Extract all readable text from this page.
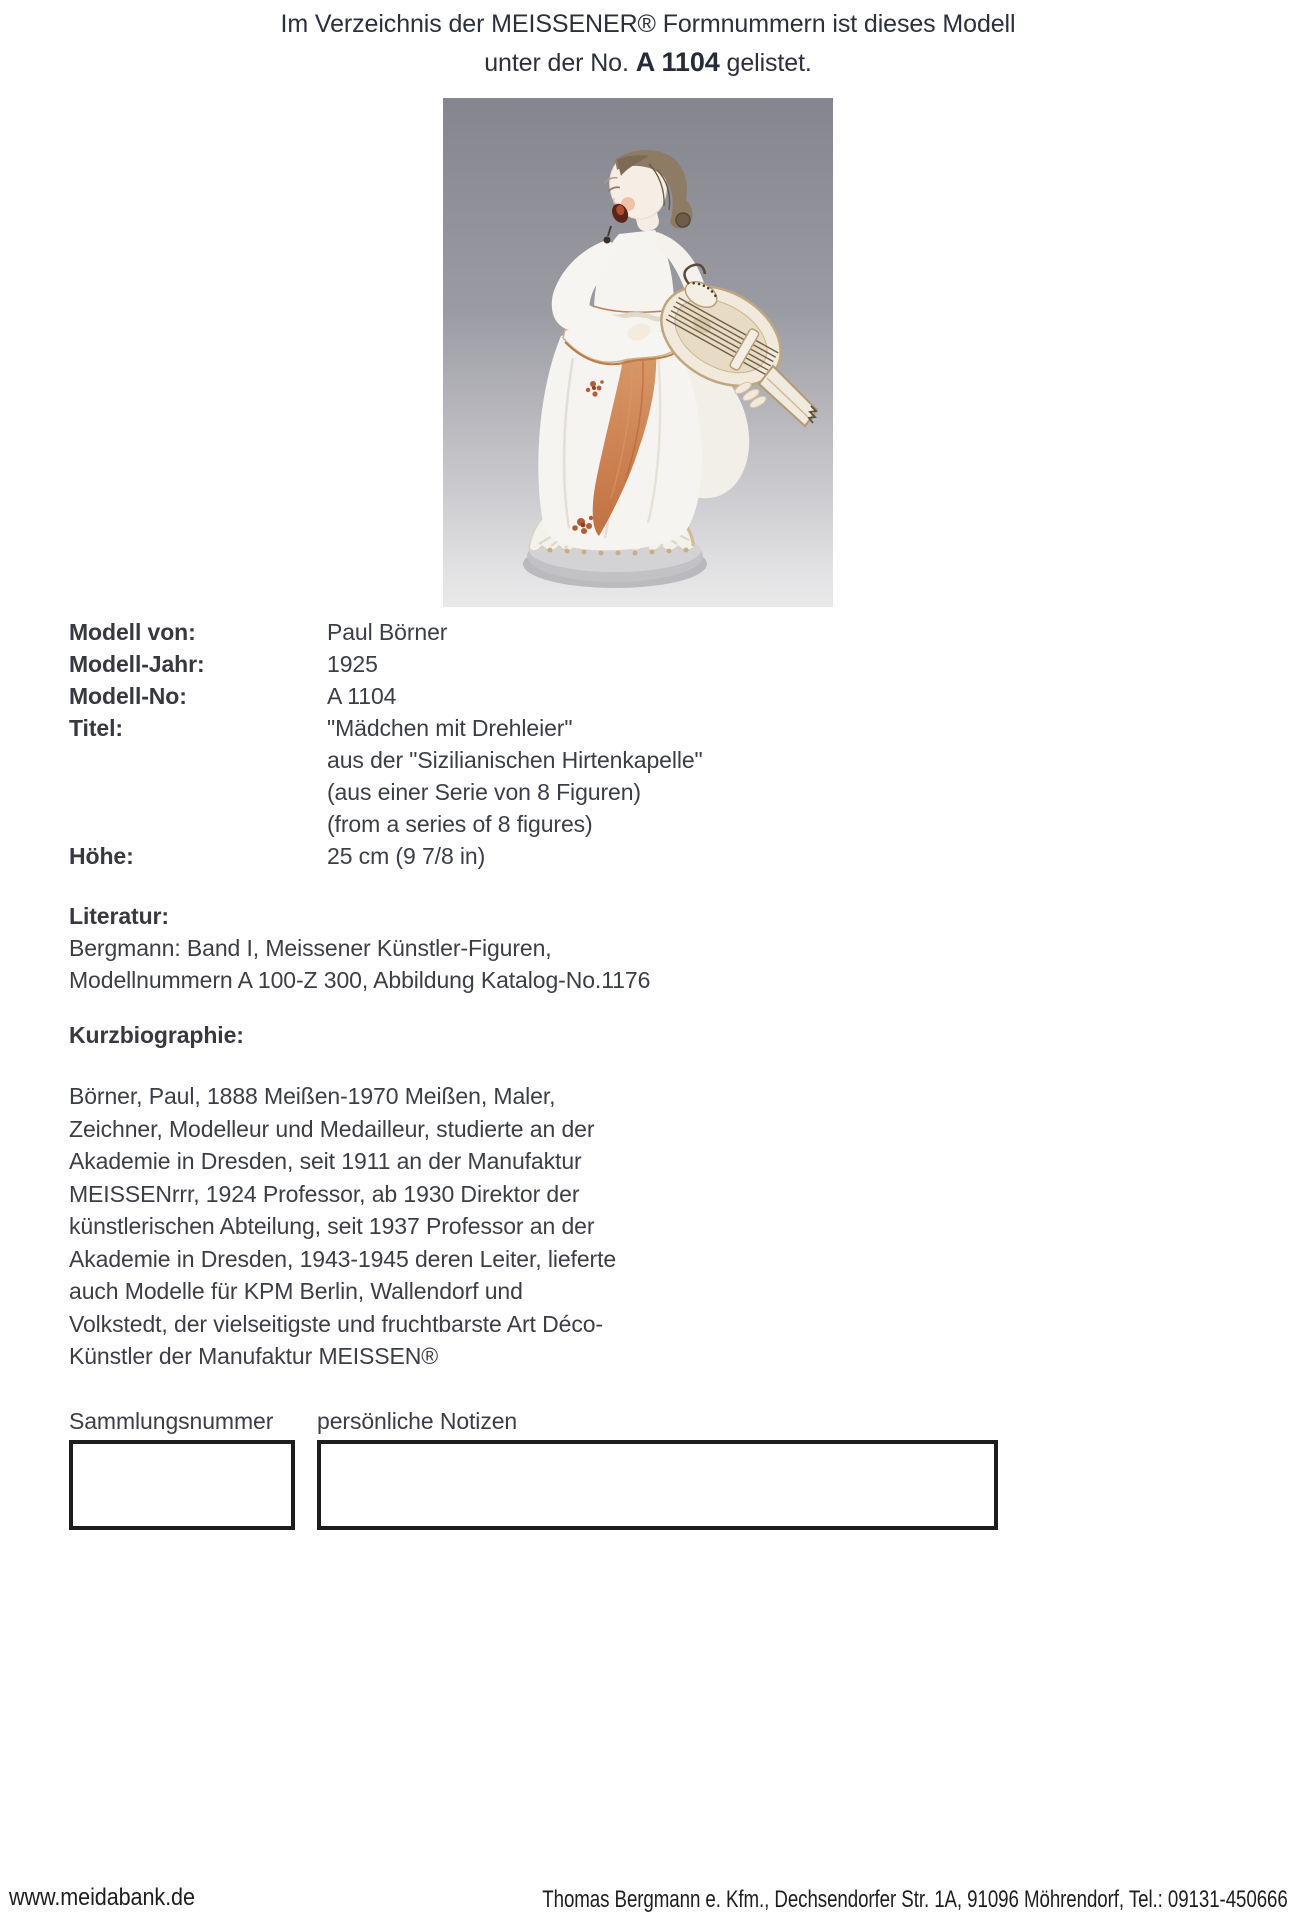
Im Verzeichnis der MEISSENER® Formnummern ist dieses Modell
unter der No. A 1104 gelistet.
Modell von:	Paul Börner
Modell-Jahr:	1925
Modell-No:	A 1104
Titel:	"Mädchen mit Drehleier"
aus der "Sizilianischen Hirtenkapelle"
(aus einer Serie von 8 Figuren)
(from a series of 8 figures)
Höhe:	25 cm (9 7/8 in)
Literatur:
Bergmann: Band I, Meissener Künstler-Figuren,
Modellnummern A 100-Z 300, Abbildung Katalog-No.1176
Kurzbiographie:
Börner, Paul, 1888 Meißen-1970 Meißen, Maler,
Zeichner, Modelleur und Medailleur, studierte an der
Akademie in Dresden, seit 1911 an der Manufaktur
MEISSENrrr, 1924 Professor, ab 1930 Direktor der
künstlerischen Abteilung, seit 1937 Professor an der
Akademie in Dresden, 1943-1945 deren Leiter, lieferte
auch Modelle für KPM Berlin, Wallendorf und
Volkstedt, der vielseitigste und fruchtbarste Art Déco-
Künstler der Manufaktur MEISSEN®
Sammlungsnummer persönliche Notizen
www.meidabank.de	Thomas Bergmann e. Kfm., Dechsendorfer Str. 1A, 91096 Möhrendorf, Tel.: 09131-450666
